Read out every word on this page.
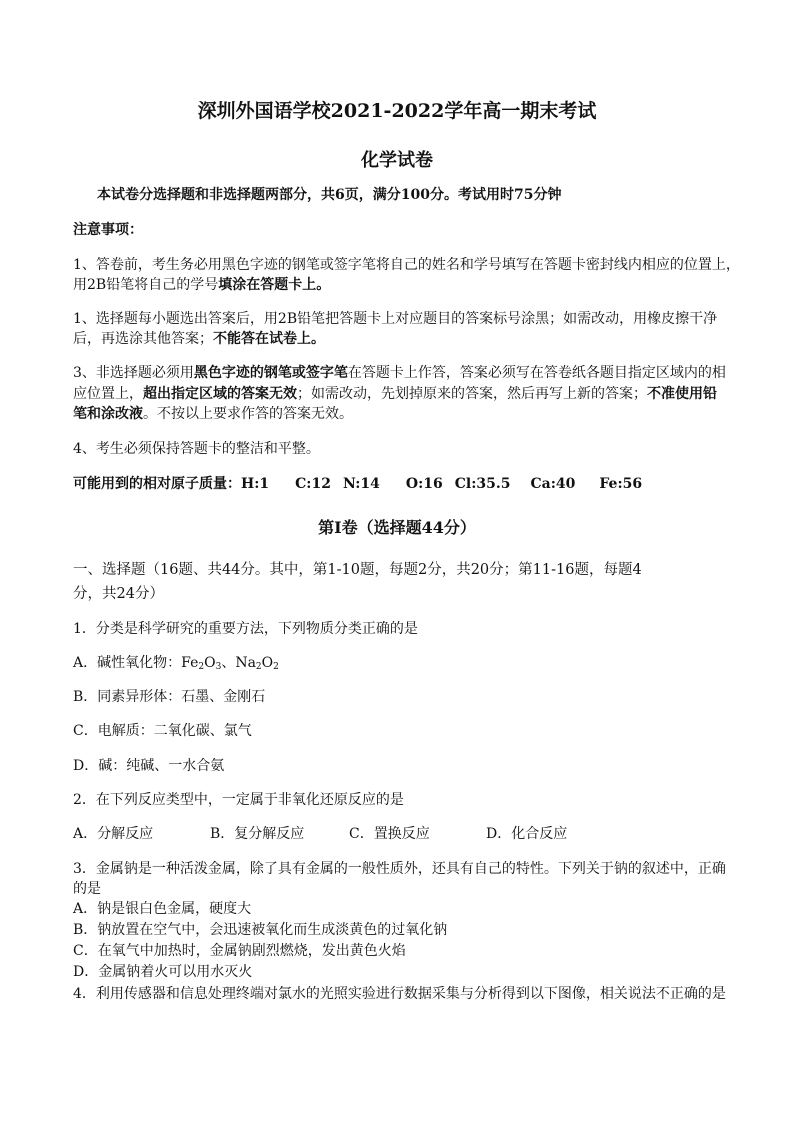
深圳外国语学校2021-2022学年高一期末考试
化学试卷
本试卷分选择题和非选择题两部分，共6页，满分100分。考试用时75分钟
注意事项：
1、答卷前，考生务必用黑色字迹的钢笔或签字笔将自己的姓名和学号填写在答题卡密封线内相应的位置上，
用2B铅笔将自己的学号填涂在答题卡上。
1、选择题每小题选出答案后，用2B铅笔把答题卡上对应题目的答案标号涂黑；如需改动，用橡皮擦干净
后，再选涂其他答案；不能答在试卷上。
3、非选择题必须用黑色字迹的钢笔或签字笔在答题卡上作答，答案必须写在答卷纸各题目指定区域内的相
应位置上，超出指定区域的答案无效；如需改动，先划掉原来的答案，然后再写上新的答案；不准使用铅
笔和涂改液。不按以上要求作答的答案无效。
4、考生必须保持答题卡的整洁和平整。
可能用到的相对原子质量：H:1 C:12 N:14 O:16 Cl:35.5 Ca:40 Fe:56
第Ⅰ卷（选择题44分）
一、选择题（16题、共44分。其中，第1-10题，每题2分，共20分；第11-16题，每题4
分，共24分）
1．分类是科学研究的重要方法，下列物质分类正确的是
A．碱性氧化物：$Fe_2O_3$、$Na_2O_2$
B．同素异形体：石墨、金刚石
C．电解质：二氧化碳、氯气
D．碱：纯碱、一水合氨
2．在下列反应类型中，一定属于非氧化还原反应的是
A．分解反应	B．复分解反应	C．置换反应	D．化合反应
3．金属钠是一种活泼金属，除了具有金属的一般性质外，还具有自己的特性。下列关于钠的叙述中，正确
的是
A．钠是银白色金属，硬度大
B．钠放置在空气中，会迅速被氧化而生成淡黄色的过氧化钠
C．在氧气中加热时，金属钠剧烈燃烧，发出黄色火焰
D．金属钠着火可以用水灭火
4．利用传感器和信息处理终端对氯水的光照实验进行数据采集与分析得到以下图像，相关说法不正确的是
